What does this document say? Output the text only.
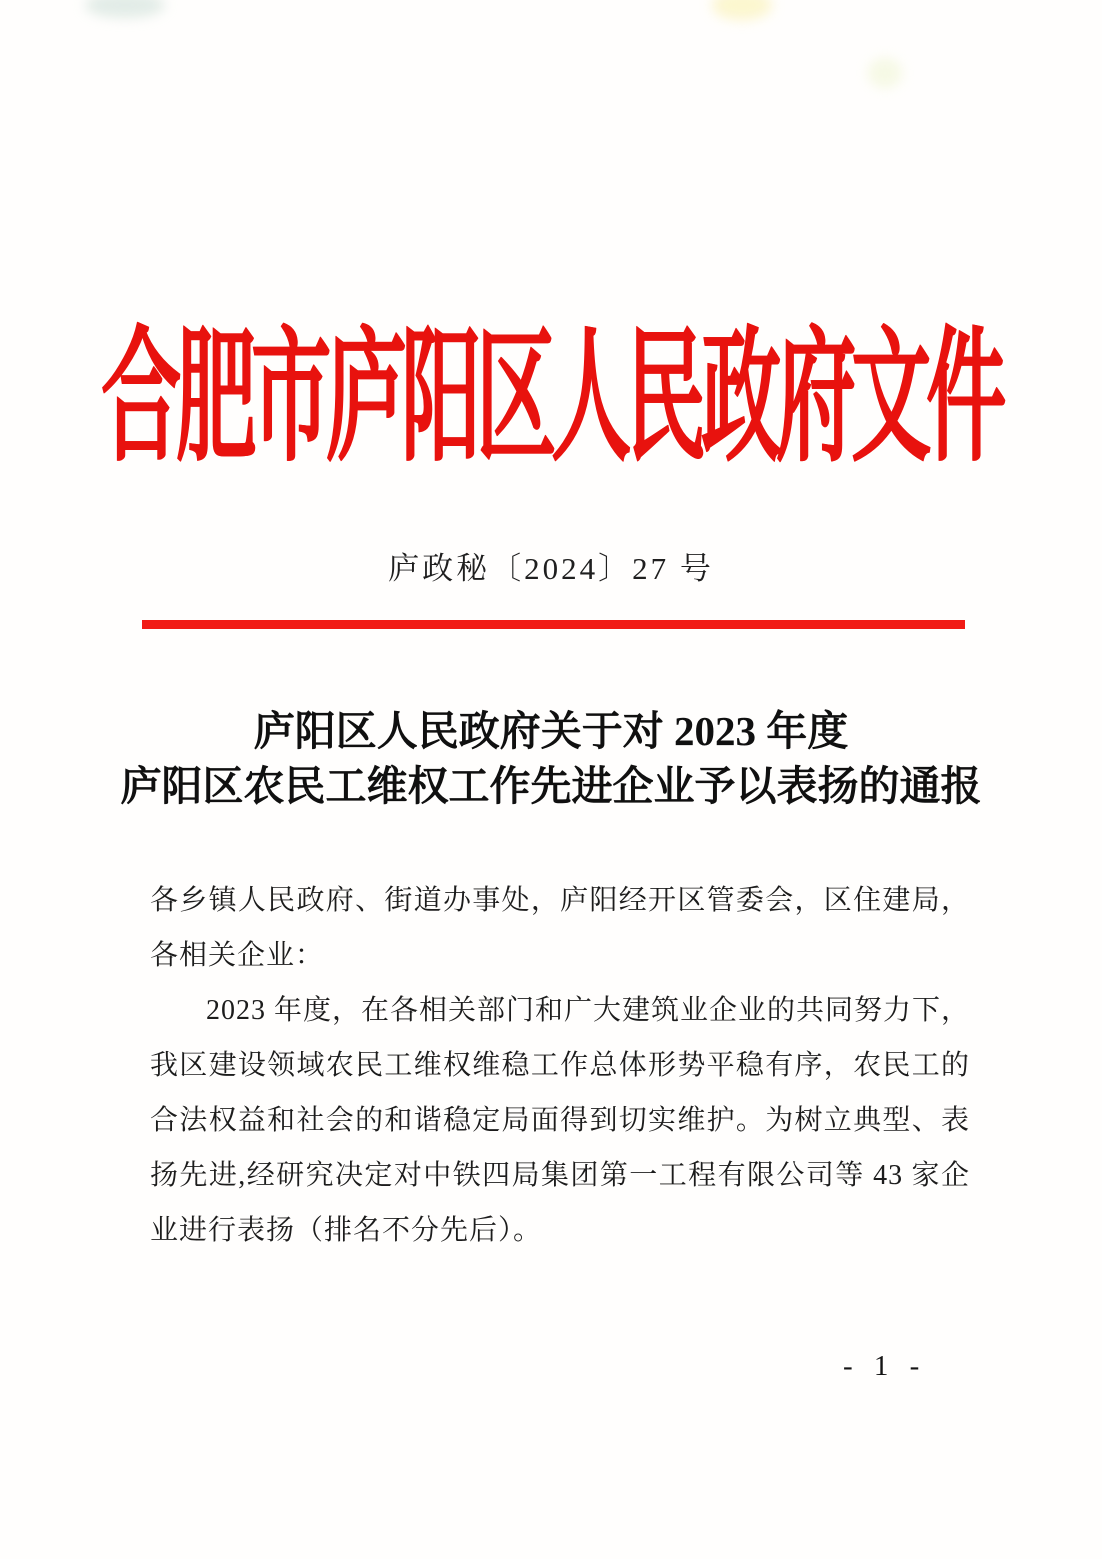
合肥市庐阳区人民政府文件
庐政秘〔2024〕27 号
庐阳区人民政府关于对 2023 年度
庐阳区农民工维权工作先进企业予以表扬的通报
各乡镇人民政府、街道办事处，庐阳经开区管委会，区住建局，
各相关企业：
2023 年度，在各相关部门和广大建筑业企业的共同努力下，
我区建设领域农民工维权维稳工作总体形势平稳有序，农民工的
合法权益和社会的和谐稳定局面得到切实维护。为树立典型、表
扬先进,经研究决定对中铁四局集团第一工程有限公司等 43 家企
业进行表扬（排名不分先后）。
- 1 -
